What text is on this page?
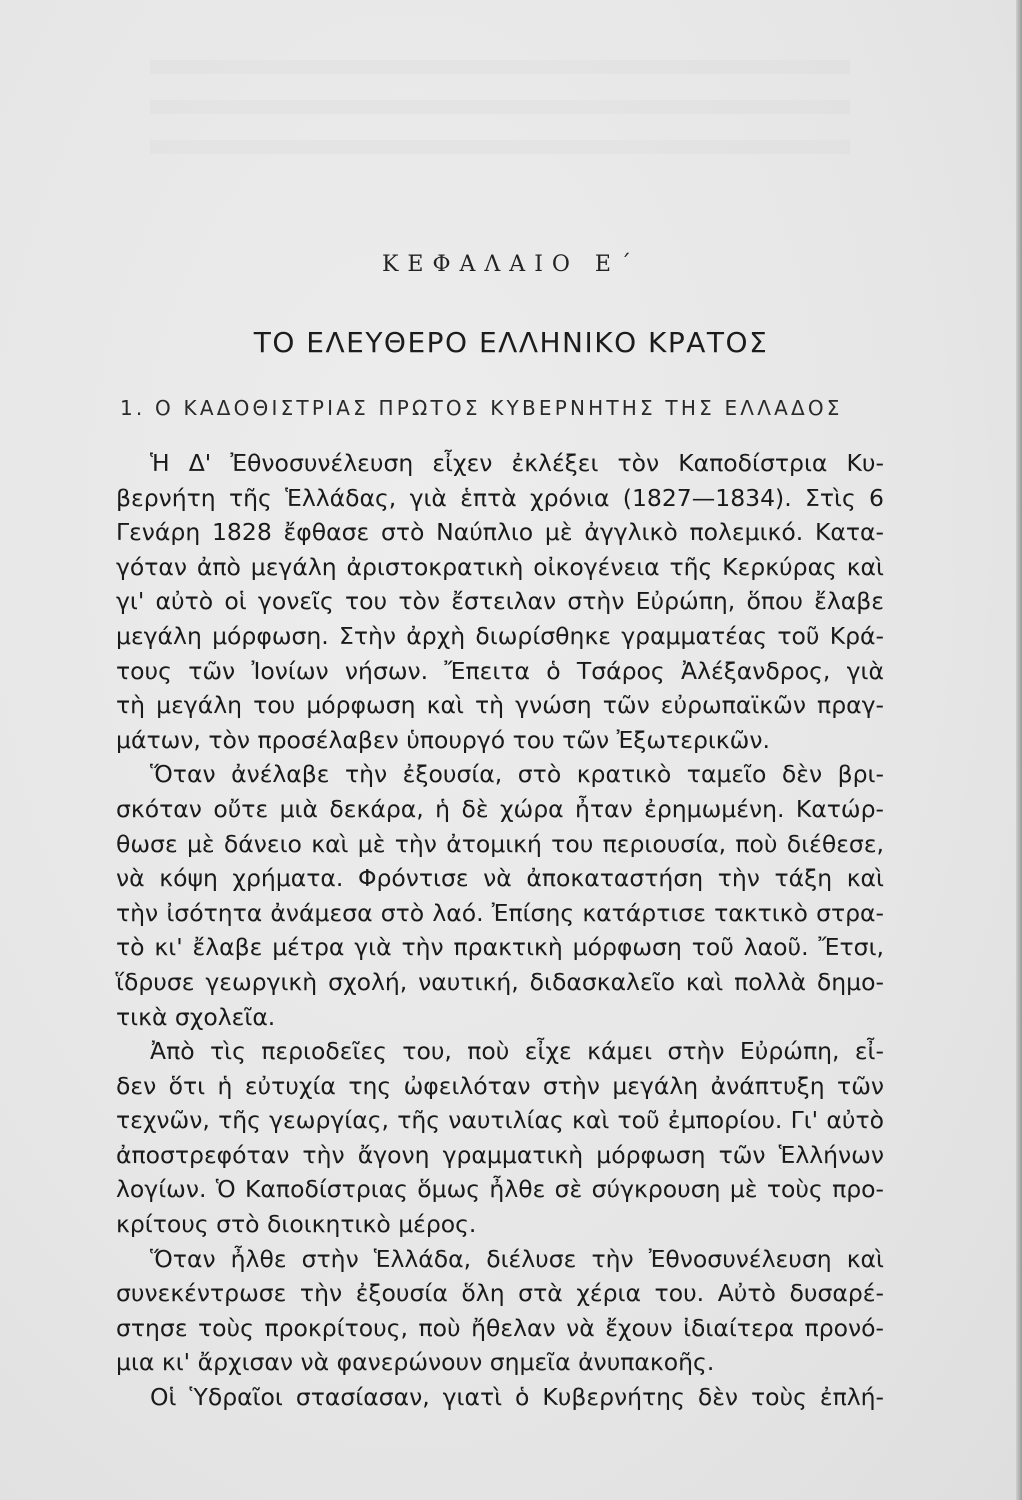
ΚΕΦΑΛΑΙΟ Ε΄
ΤΟ ΕΛΕΥΘΕΡΟ ΕΛΛΗΝΙΚΟ ΚΡΑΤΟΣ
1. Ο ΚΑΔΟΘΙΣΤΡΙΑΣ ΠΡΩΤΟΣ ΚΥΒΕΡΝΗΤΗΣ ΤΗΣ ΕΛΛΑΔΟΣ
Ἡ Δ' Ἐθνοσυνέλευση εἶχεν ἐκλέξει τὸν Καποδίστρια Κυ-
βερνήτη τῆς Ἑλλάδας, γιὰ ἑπτὰ χρόνια (1827—1834). Στὶς 6
Γενάρη 1828 ἔφθασε στὸ Ναύπλιο μὲ ἀγγλικὸ πολεμικό. Κατα-
γόταν ἀπὸ μεγάλη ἀριστοκρατικὴ οἰκογένεια τῆς Κερκύρας καὶ
γι' αὐτὸ οἱ γονεῖς του τὸν ἔστειλαν στὴν Εὐρώπη, ὅπου ἔλαβε
μεγάλη μόρφωση. Στὴν ἀρχὴ διωρίσθηκε γραμματέας τοῦ Κρά-
τους τῶν Ἰονίων νήσων. Ἔπειτα ὁ Τσάρος Ἀλέξανδρος, γιὰ
τὴ μεγάλη του μόρφωση καὶ τὴ γνώση τῶν εὐρωπαϊκῶν πραγ-
μάτων, τὸν προσέλαβεν ὑπουργό του τῶν Ἐξωτερικῶν.
Ὅταν ἀνέλαβε τὴν ἐξουσία, στὸ κρατικὸ ταμεῖο δὲν βρι-
σκόταν οὔτε μιὰ δεκάρα, ἡ δὲ χώρα ἦταν ἐρημωμένη. Κατώρ-
θωσε μὲ δάνειο καὶ μὲ τὴν ἀτομική του περιουσία, ποὺ διέθεσε,
νὰ κόψη χρήματα. Φρόντισε νὰ ἀποκαταστήση τὴν τάξη καὶ
τὴν ἰσότητα ἀνάμεσα στὸ λαό. Ἐπίσης κατάρτισε τακτικὸ στρα-
τὸ κι' ἔλαβε μέτρα γιὰ τὴν πρακτικὴ μόρφωση τοῦ λαοῦ. Ἔτσι,
ἵδρυσε γεωργικὴ σχολή, ναυτική, διδασκαλεῖο καὶ πολλὰ δημο-
τικὰ σχολεῖα.
Ἀπὸ τὶς περιοδεῖες του, ποὺ εἶχε κάμει στὴν Εὐρώπη, εἶ-
δεν ὅτι ἡ εὐτυχία της ὠφειλόταν στὴν μεγάλη ἀνάπτυξη τῶν
τεχνῶν, τῆς γεωργίας, τῆς ναυτιλίας καὶ τοῦ ἐμπορίου. Γι' αὐτὸ
ἀποστρεφόταν τὴν ἄγονη γραμματικὴ μόρφωση τῶν Ἑλλήνων
λογίων. Ὁ Καποδίστριας ὅμως ἦλθε σὲ σύγκρουση μὲ τοὺς προ-
κρίτους στὸ διοικητικὸ μέρος.
Ὅταν ἦλθε στὴν Ἑλλάδα, διέλυσε τὴν Ἐθνοσυνέλευση καὶ
συνεκέντρωσε τὴν ἐξουσία ὅλη στὰ χέρια του. Αὐτὸ δυσαρέ-
στησε τοὺς προκρίτους, ποὺ ἤθελαν νὰ ἔχουν ἰδιαίτερα προνό-
μια κι' ἄρχισαν νὰ φανερώνουν σημεῖα ἀνυπακοῆς.
Οἱ Ὑδραῖοι στασίασαν, γιατὶ ὁ Κυβερνήτης δὲν τοὺς ἐπλή-
